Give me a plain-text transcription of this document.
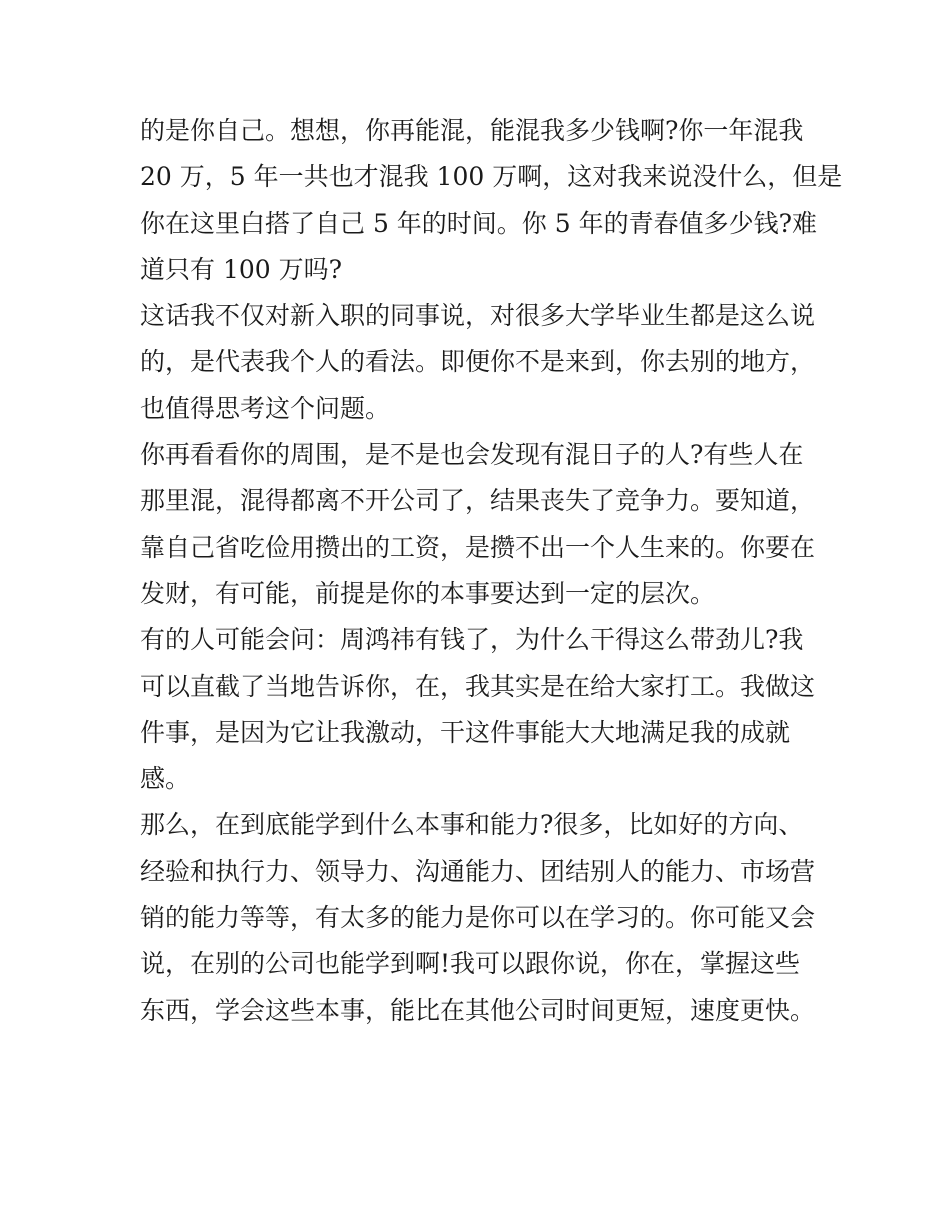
的是你自己。想想，你再能混，能混我多少钱啊?你一年混我
20 万，5 年一共也才混我 100 万啊，这对我来说没什么，但是
你在这里白搭了自己 5 年的时间。你 5 年的青春值多少钱?难
道只有 100 万吗?
这话我不仅对新入职的同事说，对很多大学毕业生都是这么说
的，是代表我个人的看法。即便你不是来到，你去别的地方，
也值得思考这个问题。
你再看看你的周围，是不是也会发现有混日子的人?有些人在
那里混，混得都离不开公司了，结果丧失了竞争力。要知道，
靠自己省吃俭用攒出的工资，是攒不出一个人生来的。你要在
发财，有可能，前提是你的本事要达到一定的层次。
有的人可能会问：周鸿祎有钱了，为什么干得这么带劲儿?我
可以直截了当地告诉你，在，我其实是在给大家打工。我做这
件事，是因为它让我激动，干这件事能大大地满足我的成就
感。
那么，在到底能学到什么本事和能力?很多，比如好的方向、
经验和执行力、领导力、沟通能力、团结别人的能力、市场营
销的能力等等，有太多的能力是你可以在学习的。你可能又会
说，在别的公司也能学到啊!我可以跟你说，你在，掌握这些
东西，学会这些本事，能比在其他公司时间更短，速度更快。
